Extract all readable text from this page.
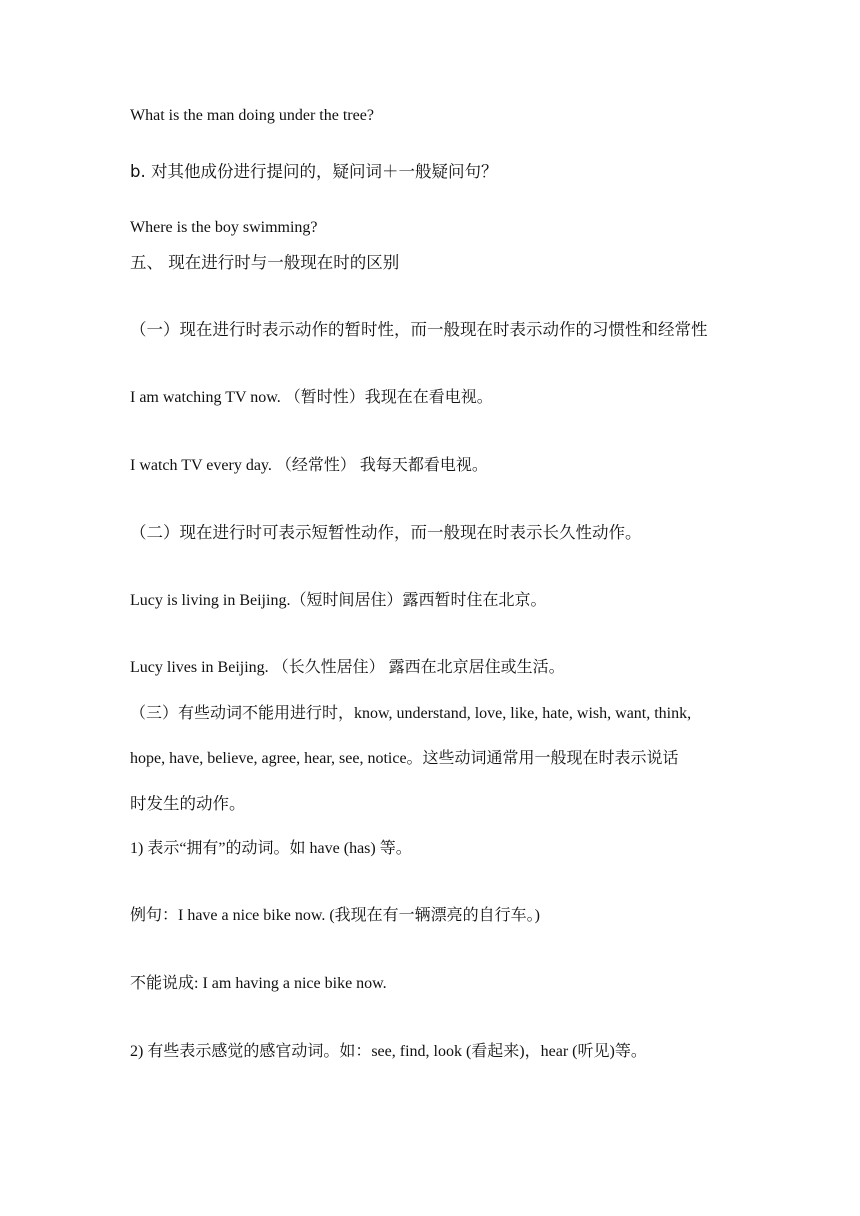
What is the man doing under the tree?
b. 对其他成份进行提问的，疑问词＋一般疑问句？
Where is the boy swimming?
五、 现在进行时与一般现在时的区别
（一）现在进行时表示动作的暂时性，而一般现在时表示动作的习惯性和经常性
I am watching TV now. （暂时性）我现在在看电视。
I watch TV every day. （经常性） 我每天都看电视。
（二）现在进行时可表示短暂性动作，而一般现在时表示长久性动作。
Lucy is living in Beijing.（短时间居住）露西暂时住在北京。
Lucy lives in Beijing. （长久性居住） 露西在北京居住或生活。
（三）有些动词不能用进行时，know, understand, love, like, hate, wish, want, think,
hope, have, believe, agree, hear, see, notice。这些动词通常用一般现在时表示说话
时发生的动作。
1) 表示“拥有”的动词。如 have (has) 等。
例句：I have a nice bike now. (我现在有一辆漂亮的自行车。)
不能说成: I am having a nice bike now.
2) 有些表示感觉的感官动词。如：see, find, look (看起来)，hear (听见)等。
